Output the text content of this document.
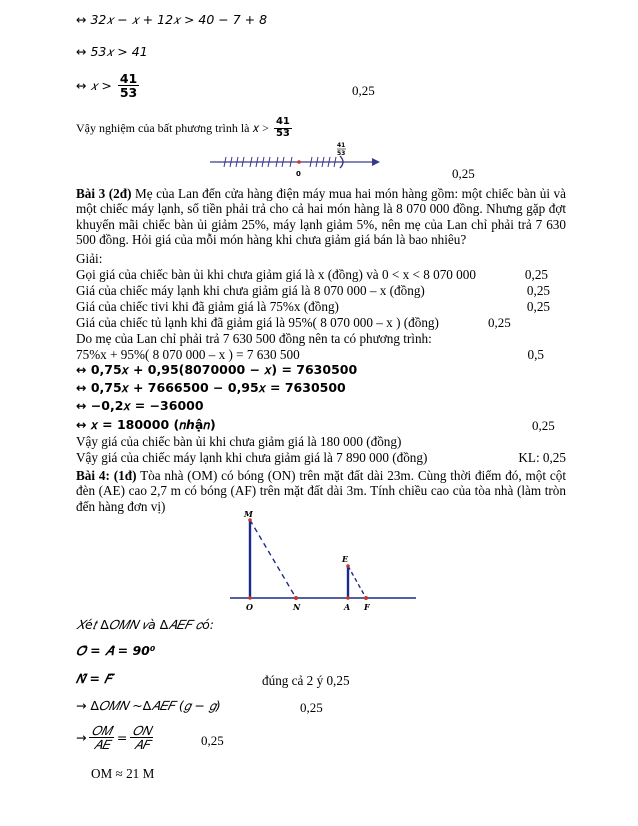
↔ 32𝑥 − 𝑥 + 12𝑥 > 40 − 7 + 8
↔ 53𝑥 > 41
↔ 𝑥 > $\frac{41}{53}$	0,25
Vậy nghiệm của bất phương trình là 𝑥 > $\frac{41}{53}$
0
41
53
0,25
Bài 3 (2đ) Mẹ của Lan đến cửa hàng điện máy mua hai món hàng gồm: một chiếc bàn ủi và một chiếc máy lạnh, số tiền phải trả cho cả hai món hàng là 8 070 000 đồng. Nhưng gặp đợt khuyến mãi chiếc bàn ủi giảm 25%, máy lạnh giảm 5%, nên mẹ của Lan chỉ phải trả 7 630 500 đồng. Hỏi giá của mỗi món hàng khi chưa giảm giá bán là bao nhiêu?
Giải:
Gọi giá của chiếc bàn ủi khi chưa giảm giá là x (đồng) và 0 < x < 8 070 000	0,25
Giá của chiếc máy lạnh khi chưa giảm giá là 8 070 000 – x (đồng)	0,25
Giá của chiếc tivi khi đã giảm giá là 75%x (đồng)	0,25
Giá của chiếc tủ lạnh khi đã giảm giá là 95%( 8 070 000 – x ) (đồng)	0,25
Do mẹ của Lan chỉ phải trả 7 630 500 đồng nên ta có phương trình:
75%x + 95%( 8 070 000 – x ) = 7 630 500	0,5
↔ 0,75𝑥 + 0,95(8070000 − 𝑥) = 7630500
↔ 0,75𝑥 + 7666500 − 0,95𝑥 = 7630500
↔ −0,2𝑥 = −36000
↔ 𝑥 = 180000 (𝑛ℎậ𝑛)	0,25
Vậy giá của chiếc bàn ủi khi chưa giảm giá là 180 000 (đồng)
Vậy giá của chiếc máy lạnh khi chưa giảm giá là 7 890 000 (đồng)	KL: 0,25
Bài 4: (1đ) Tòa nhà (OM) có bóng (ON) trên mặt đất dài 23m. Cùng thời điểm đó, một cột đèn (AE) cao 2,7 m có bóng (AF) trên mặt đất dài 3m. Tính chiều cao của tòa nhà (làm tròn đến hàng đơn vị)
M
O	N
E
A F
𝑋é𝑡 ∆𝑂𝑀𝑁 𝑣à ∆𝐴𝐸𝐹 𝑐ó:
𝑂̂ = 𝐴̂ = 90⁰
𝑁̂ = 𝐹̂	đúng cả 2 ý 0,25
→ ∆𝑂𝑀𝑁 ~∆𝐴𝐸𝐹 (𝑔 − 𝑔)	0,25
→ $\frac{\text{𝑂𝑀}}{\text{𝐴𝐸}} = \frac{\text{𝑂𝑁}}{\text{𝐴𝐹}}$	0,25
OM ≈ 21 M
